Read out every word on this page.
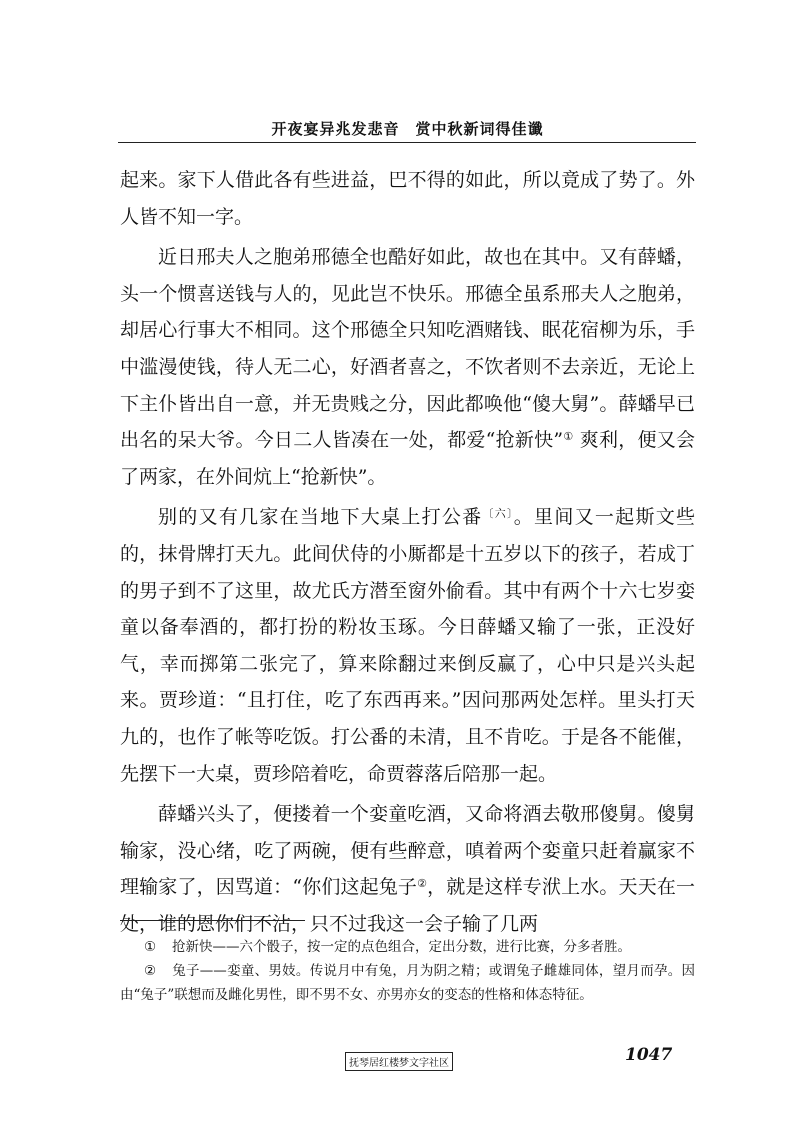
开夜宴异兆发悲音　赏中秋新词得佳谶

起来。家下人借此各有些进益，巴不得的如此，所以竟成了势了。外人皆不知一字。

近日邢夫人之胞弟邢德全也酷好如此，故也在其中。又有薛蟠，头一个惯喜送钱与人的，见此岂不快乐。邢德全虽系邢夫人之胞弟，却居心行事大不相同。这个邢德全只知吃酒赌钱、眠花宿柳为乐，手中滥漫使钱，待人无二心，好酒者喜之，不饮者则不去亲近，无论上下主仆皆出自一意，并无贵贱之分，因此都唤他“傻大舅”。薛蟠早已出名的呆大爷。今日二人皆凑在一处，都爱“抢新快”① 爽利，便又会了两家，在外间炕上“抢新快”。

别的又有几家在当地下大桌上打公番$^{〔六〕}$。里间又一起斯文些的，抹骨牌打天九。此间伏侍的小厮都是十五岁以下的孩子，若成丁的男子到不了这里，故尤氏方潜至窗外偷看。其中有两个十六七岁娈童以备奉酒的，都打扮的粉妆玉琢。今日薛蟠又输了一张，正没好气，幸而掷第二张完了，算来除翻过来倒反赢了，心中只是兴头起来。贾珍道：“且打住，吃了东西再来。”因问那两处怎样。里头打天九的，也作了帐等吃饭。打公番的未清，且不肯吃。于是各不能催，先摆下一大桌，贾珍陪着吃，命贾蓉落后陪那一起。

薛蟠兴头了，便搂着一个娈童吃酒，又命将酒去敬邢傻舅。傻舅输家，没心绪，吃了两碗，便有些醉意，嗔着两个娈童只赶着赢家不理输家了，因骂道：“你们这起兔子②，就是这样专洑上水。天天在一处，谁的恩你们不沾，只不过我这一会子输了几两

① 抢新快——六个骰子，按一定的点色组合，定出分数，进行比赛，分多者胜。

② 兔子——娈童、男妓。传说月中有兔，月为阴之精；或谓兔子雌雄同体，望月而孕。因由“兔子”联想而及雌化男性，即不男不女、亦男亦女的变态的性格和体态特征。

抚琴居红楼梦文字社区	1047
